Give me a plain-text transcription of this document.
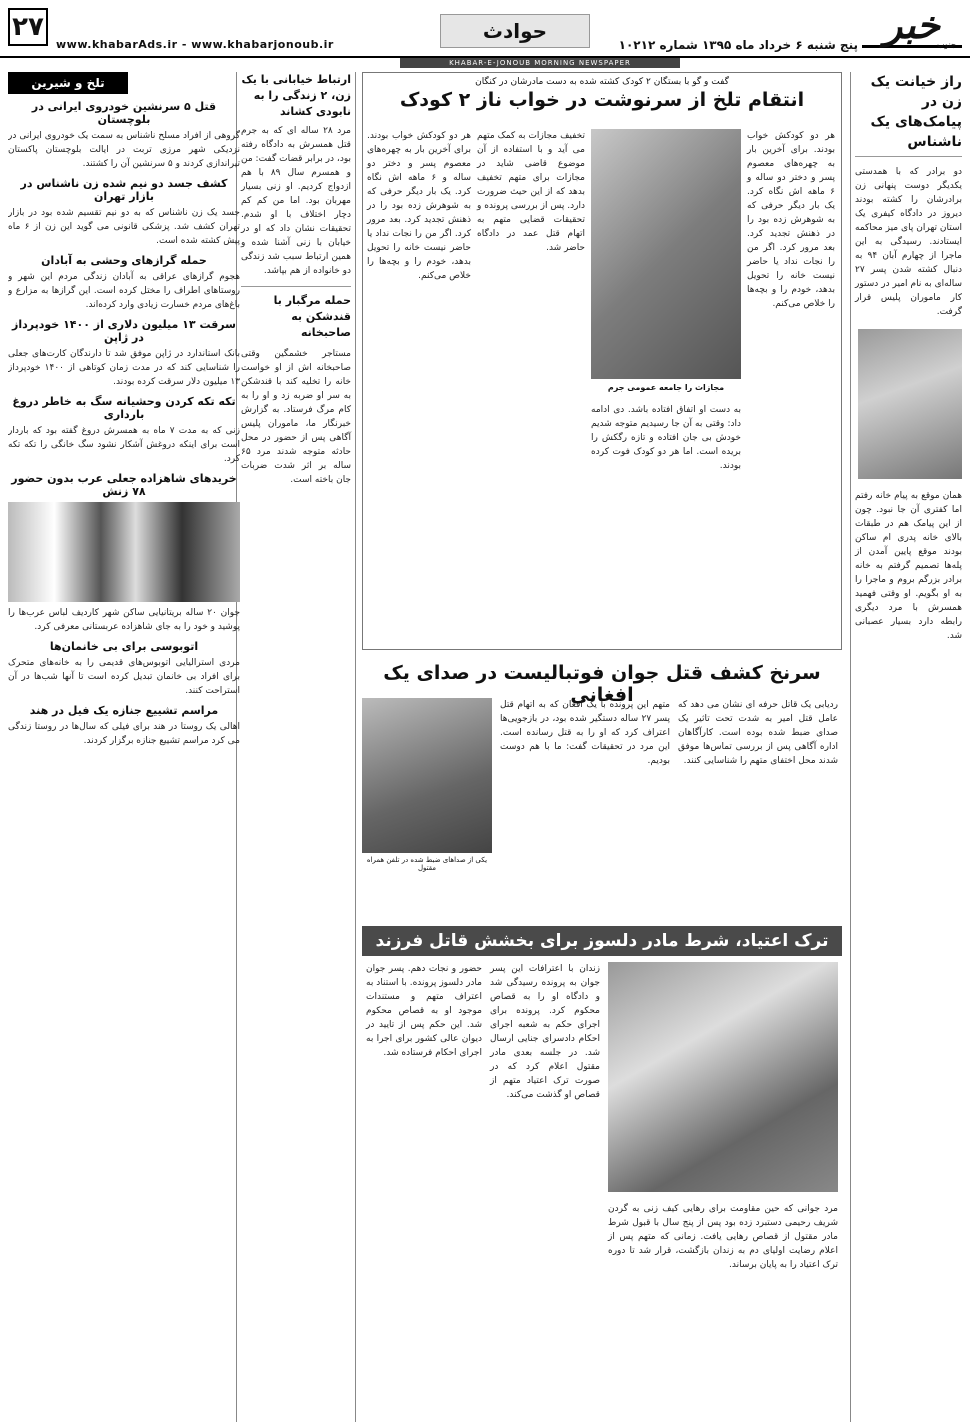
۲۷
www.khabarAds.ir - www.khabarjonoub.ir
حوادث
پنج شنبه ۶ خرداد ماه ۱۳۹۵ شماره ۱۰۲۱۲ خبر
جنوب
KHABAR-E-JONOUB MORNING NEWSPAPER
راز خیانت یک زن در پیامک‌های یک ناشناس
دو برادر که با همدستی یکدیگر دوست پنهانی زن برادرشان را کشته بودند دیروز در دادگاه کیفری یک استان تهران پای میز محاکمه ایستادند. رسیدگی به این ماجرا از چهارم آبان ۹۴ به دنبال کشته شدن پسر ۲۷ ساله‌ای به نام امیر در دستور کار ماموران پلیس قرار گرفت.
همان موقع به پیام خانه رفتم اما کفتری آن جا نبود. چون از این پیامک هم در طبقات بالای خانه پدری ام ساکن بودند موقع پایین آمدن از پله‌ها تصمیم گرفتم به خانه برادر بزرگم بروم و ماجرا را به او بگویم. او وقتی فهمید همسرش با مرد دیگری رابطه دارد بسیار عصبانی شد.
گفت و گو با بستگان ۲ کودک کشته شده به دست مادرشان در کنگان
انتقام تلخ از سرنوشت در خواب ناز ۲ کودک
هر دو کودکش خواب بودند. برای آخرین بار به چهره‌های معصوم پسر و دختر دو ساله و ۶ ماهه اش نگاه کرد. یک بار دیگر حرفی که به شوهرش زده بود را در ذهنش تجدید کرد. بعد مرور کرد. اگر من را نجات نداد یا حاضر نیست خانه را تحویل بدهد، خودم را و بچه‌ها را خلاص می‌کنم.
مجازات را جامعه عمومی جرم
به دست او اتفاق افتاده باشد. دی ادامه داد: وقتی به آن جا رسیدیم متوجه شدیم خودش بی جان افتاده و تازه رگکش را بریده است. اما هر دو کودک فوت کرده بودند.
تخفیف مجازات به کمک متهم می آید و با استفاده از آن موضوع قاضی شاید در مجازات برای متهم تخفیف بدهد که از این حیث ضرورت دارد. پس از بررسی پرونده و تحقیقات قضایی متهم به اتهام قتل عمد در دادگاه حاضر شد.
هر دو کودکش خواب بودند. برای آخرین بار به چهره‌های معصوم پسر و دختر دو ساله و ۶ ماهه اش نگاه کرد. یک بار دیگر حرفی که به شوهرش زده بود را در ذهنش تجدید کرد. بعد مرور کرد. اگر من را نجات نداد یا حاضر نیست خانه را تحویل بدهد، خودم را و بچه‌ها را خلاص می‌کنم.
سرنخ کشف قتل جوان فوتبالیست در صدای یک افغانی	ردیابی یک قاتل حرفه ای نشان می دهد که عامل قتل امیر به شدت تحت تاثیر یک صدای ضبط شده بوده است. کارآگاهان اداره آگاهی پس از بررسی تماس‌ها موفق شدند محل اختفای متهم را شناسایی کنند.
متهم این پرونده با یک افغان که به اتهام قتل پسر ۲۷ ساله دستگیر شده بود، در بازجویی‌ها اعتراف کرد که او را به قتل رسانده است. این مرد در تحقیقات گفت: ما با هم دوست بودیم.
یکی از صداهای ضبط شده در تلفن همراه مقتول
ترک اعتیاد، شرط مادر دلسوز برای بخشش قاتل فرزند
مرد جوانی که حین مقاومت برای رهایی کیف زنی به گردن شریف رحیمی دستبرد زده بود پس از پنج سال با قبول شرط مادر مقتول از قصاص رهایی یافت. زمانی که متهم پس از اعلام رضایت اولیای دم به زندان بازگشت، قرار شد تا دوره ترک اعتیاد را به پایان برساند.
زندان با اعترافات این پسر جوان به پرونده رسیدگی شد و دادگاه او را به قصاص محکوم کرد. پرونده برای اجرای حکم به شعبه اجرای احکام دادسرای جنایی ارسال شد. در جلسه بعدی مادر مقتول اعلام کرد که در صورت ترک اعتیاد متهم از قصاص او گذشت می‌کند.
حضور و نجات دهم. پسر جوان مادر دلسوز پرونده. با استناد به اعتراف متهم و مستندات موجود او به قصاص محکوم شد. این حکم پس از تایید در دیوان عالی کشور برای اجرا به اجرای احکام فرستاده شد.
ارتباط خیابانی با یک زن، ۲ زندگی را به نابودی کشاند
مرد ۲۸ ساله ای که به جرم قتل همسرش به دادگاه رفته بود، در برابر قضات گفت: من و همسرم سال ۸۹ با هم ازدواج کردیم. او زنی بسیار مهربان بود. اما من کم کم دچار اختلاف با او شدم. تحقیقات نشان داد که او در خیابان با زنی آشنا شده و همین ارتباط سبب شد زندگی دو خانواده از هم بپاشد.
حمله مرگبار با قندشکن به صاحبخانه
مستاجر خشمگین وقتی صاحبخانه اش از او خواست خانه را تخلیه کند با قندشکن به سر او ضربه زد و او را به کام مرگ فرستاد. به گزارش خبرنگار ما، ماموران پلیس آگاهی پس از حضور در محل حادثه متوجه شدند مرد ۶۵ ساله بر اثر شدت ضربات جان باخته است.
تلخ و شیرین
قتل ۵ سرنشین خودروی ایرانی در بلوچستان
گروهی از افراد مسلح ناشناس به سمت یک خودروی ایرانی در نزدیکی شهر مرزی تربت در ایالت بلوچستان پاکستان تیراندازی کردند و ۵ سرنشین آن را کشتند.
کشف جسد دو نیم شده زن ناشناس در بازار تهران
جسد یک زن ناشناس که به دو نیم تقسیم شده بود در بازار تهران کشف شد. پزشکی قانونی می گوید این زن از ۶ ماه پیش کشته شده است.
حمله گرازهای وحشی به آبادان
هجوم گرازهای عراقی به آبادان زندگی مردم این شهر و روستاهای اطراف را مختل کرده است. این گرازها به مزارع و باغ‌های مردم خسارت زیادی وارد کرده‌اند.
سرقت ۱۳ میلیون دلاری از ۱۴۰۰ خودپرداز در ژاپن
بانک استاندارد در ژاپن موفق شد تا دارندگان کارت‌های جعلی را شناسایی کند که در مدت زمان کوتاهی از ۱۴۰۰ خودپرداز ۱۳ میلیون دلار سرقت کرده بودند.
تکه تکه کردن وحشیانه سگ به خاطر دروغ بارداری
زنی که به مدت ۷ ماه به همسرش دروغ گفته بود که باردار است برای اینکه دروغش آشکار نشود سگ خانگی را تکه تکه کرد.
خریدهای شاهزاده جعلی عرب بدون حضور ۷۸ زنش
جوان ۲۰ ساله بریتانیایی ساکن شهر کاردیف لباس عرب‌ها را پوشید و خود را به جای شاهزاده عربستانی معرفی کرد.
اتوبوسی برای بی خانمان‌ها
مردی استرالیایی اتوبوس‌های قدیمی را به خانه‌های متحرک برای افراد بی خانمان تبدیل کرده است تا آنها شب‌ها در آن استراحت کنند.
مراسم تشییع جنازه یک فیل در هند
اهالی یک روستا در هند برای فیلی که سال‌ها در روستا زندگی می کرد مراسم تشییع جنازه برگزار کردند.
